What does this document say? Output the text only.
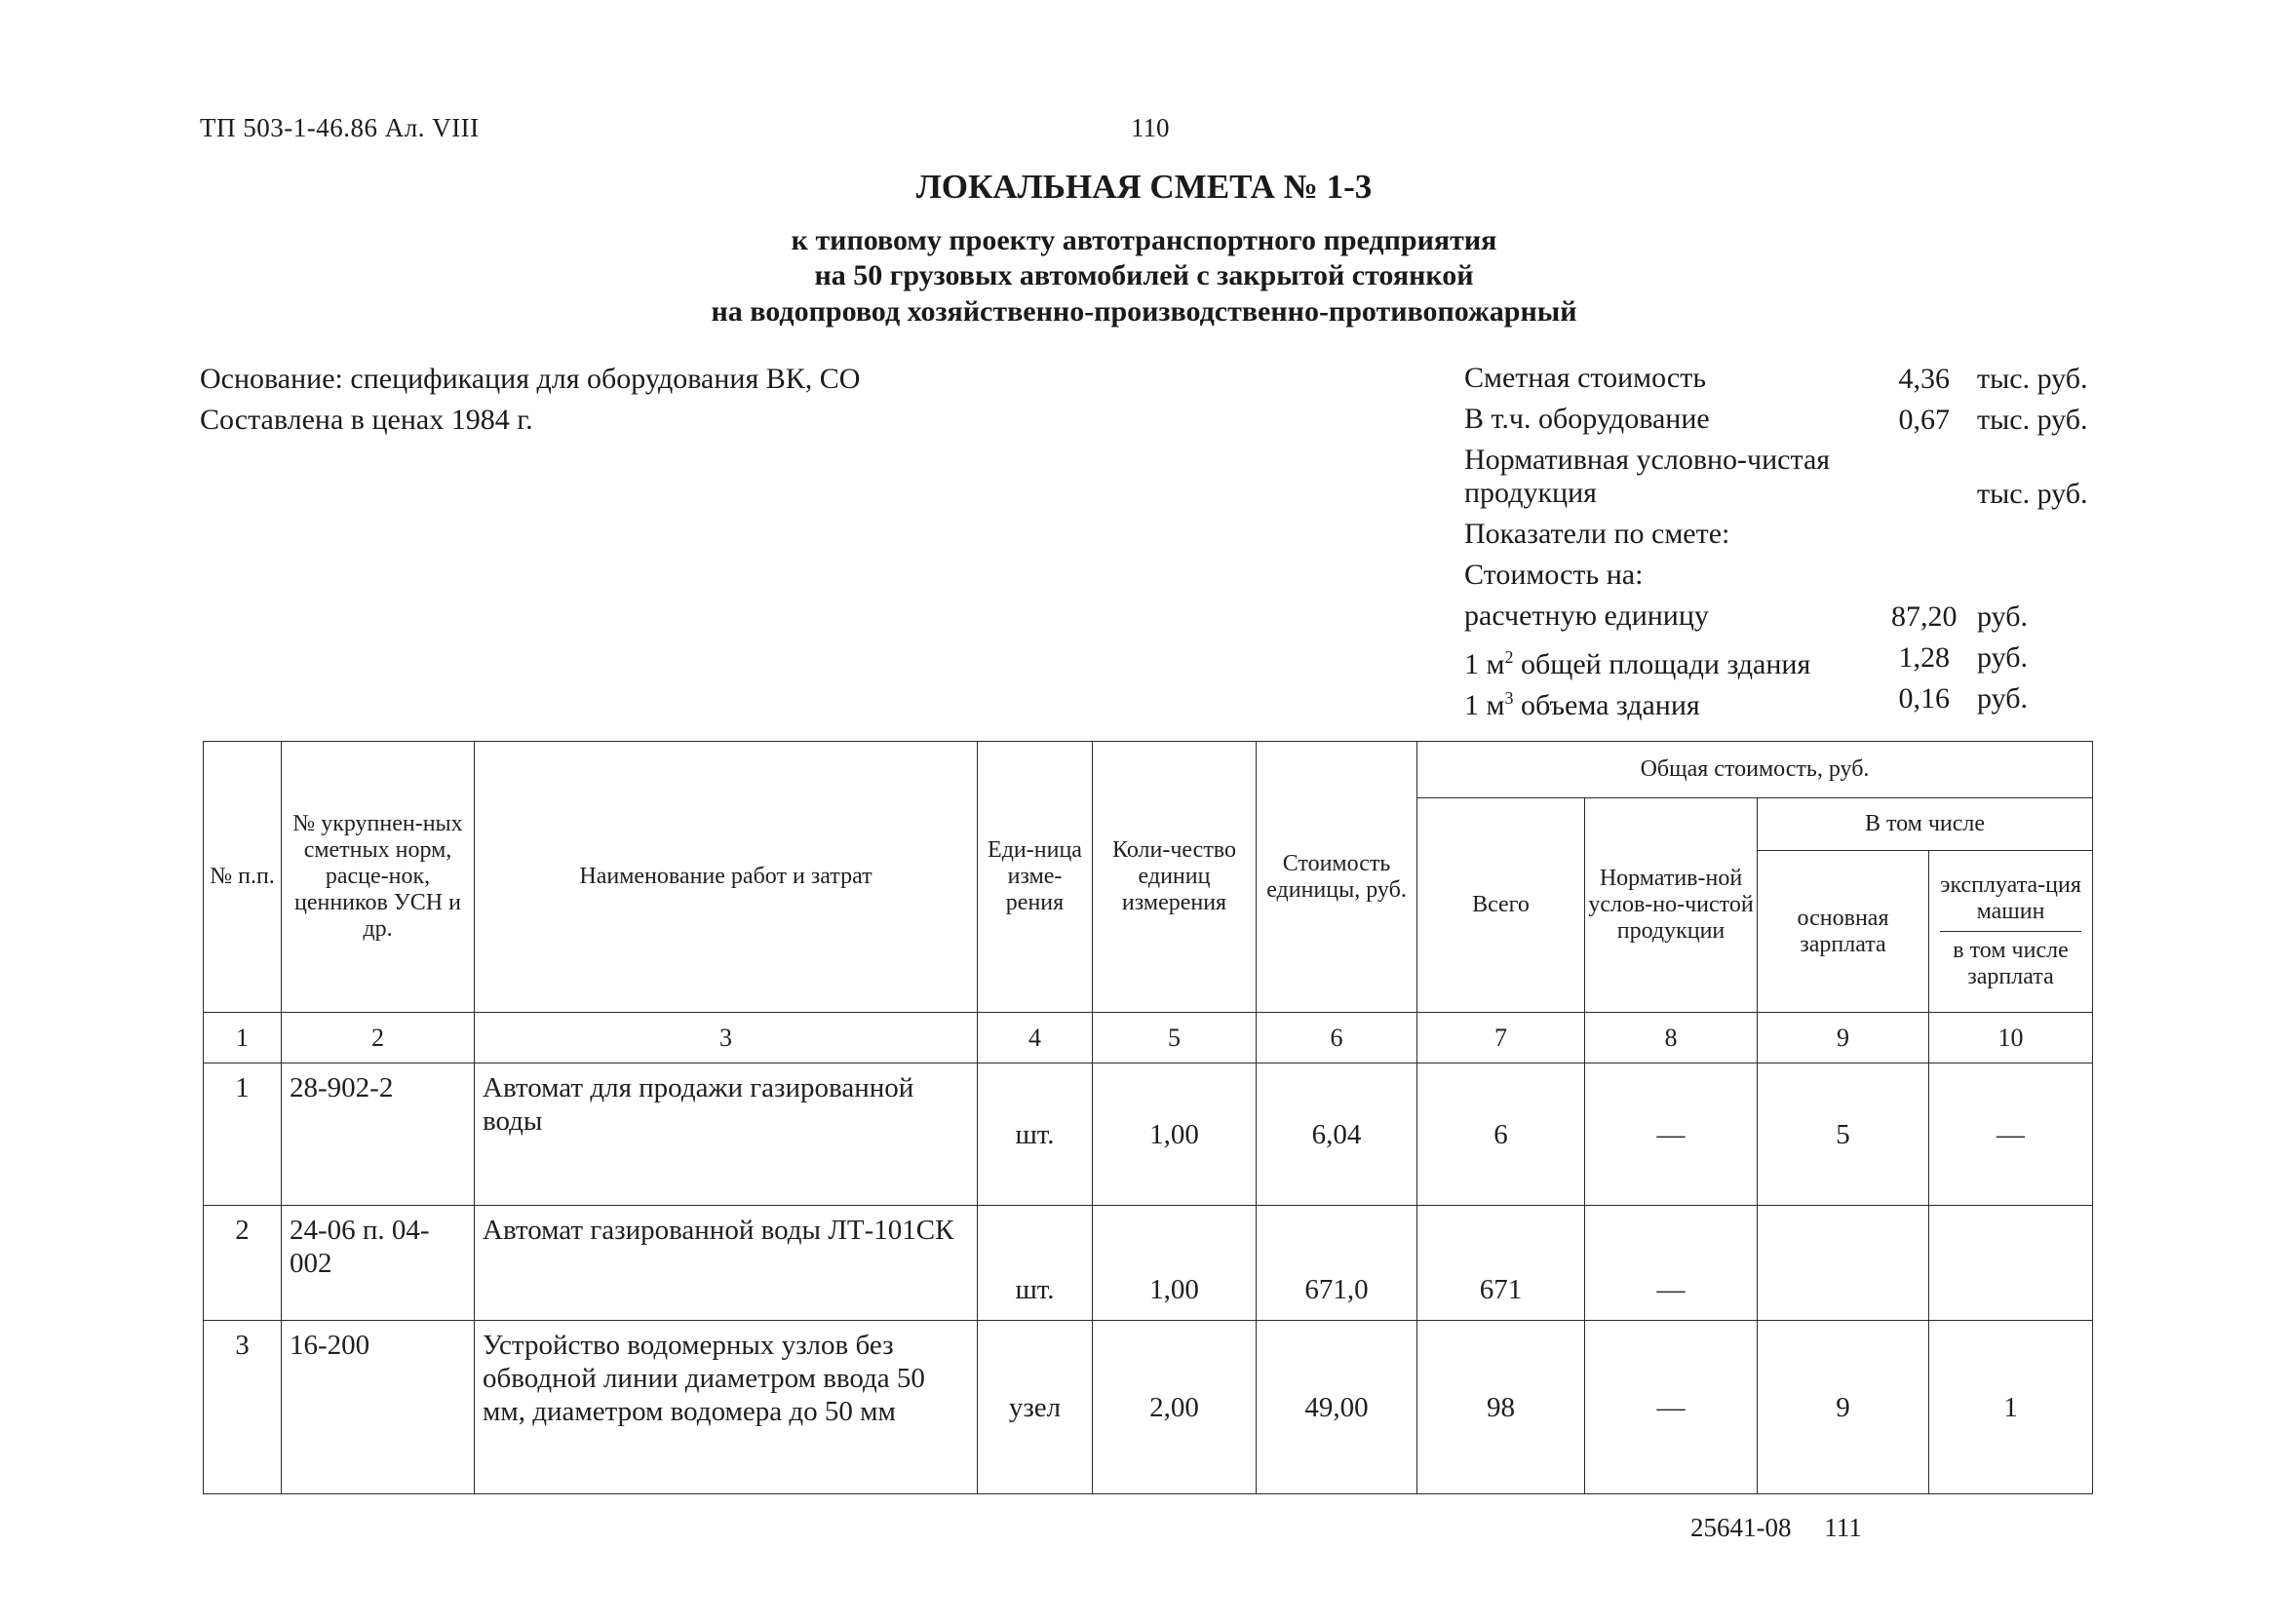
ТП 503-1-46.86 Ал. VIII	110
ЛОКАЛЬНАЯ СМЕТА № 1-3
к типовому проекту автотранспортного предприятия
на 50 грузовых автомобилей с закрытой стоянкой
на водопровод хозяйственно-производственно-противопожарный
Основание: спецификация для оборудования ВК, СО
Составлена в ценах 1984 г.
Сметная стоимость	4,36 тыс. руб.
В т.ч. оборудование	0,67 тыс. руб.
Нормативная условно-чистая
продукция	тыс. руб.
Показатели по смете:
Стоимость на:
расчетную единицу	87,20 руб.
1 $м^2$ общей площади здания	1,28 руб.
1 $м^3$ объема здания	0,16 руб.
№ п.п.	№ укрупнен-ных сметных норм, расце-нок, ценников УСН и др.	Наименование работ и затрат	Еди-ница изме-рения	Коли-чество единиц измерения	Стоимость единицы, руб.	Общая стоимость, руб.			
						Всего	Норматив-ной услов-но-чистой продукции	В том числе	
								основная зарплата	эксплуата-ция машин
в том числе зарплата

1	2	3	4	5	6	7	8	9	10
1	28-902-2	Автомат для продажи газированной воды	шт.	1,00	6,04	6	—	5	—
2	24-06 п. 04-002	Автомат газированной воды ЛТ-101СК	шт.	1,00	671,0	671	—		
3	16-200	Устройство водомерных узлов без обводной линии диаметром ввода 50 мм, диаметром водомера до 50 мм	узел	2,00	49,00	98	—	9	1
25641-08     111
